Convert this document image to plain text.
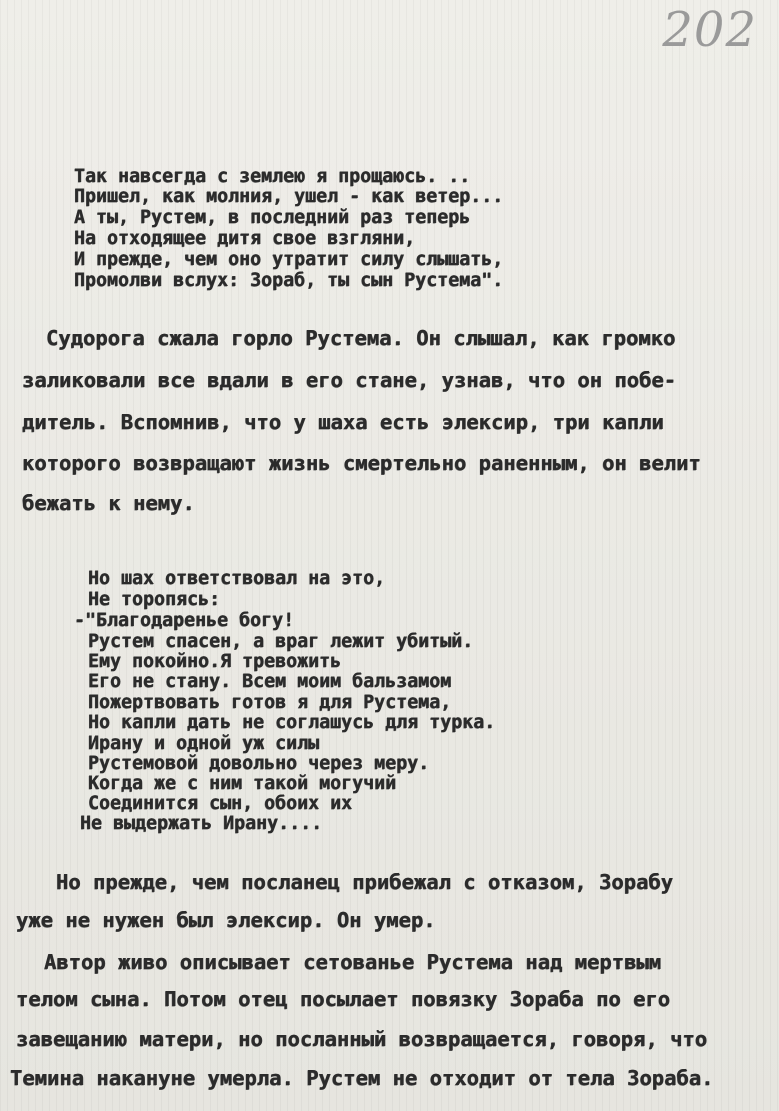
202
Так навсегда с землею я прощаюсь. ..
Пришел, как молния, ушел - как ветер...
А ты, Рустем, в последний раз теперь
На отходящее дитя свое взгляни,
И прежде, чем оно утратит силу слышать,
Промолви вслух: Зораб, ты сын Рустема".
Судорога сжала горло Рустема. Он слышал, как громко
заликовали все вдали в его стане, узнав, что он побе-
дитель. Вспомнив, что у шаха есть элексир, три капли
которого возвращают жизнь смертельно раненным, он велит
бежать к нему.
Но шах ответствовал на это,
Не торопясь:
-"Благодаренье богу!
Рустем спасен, а враг лежит убитый.
Ему покойно.Я тревожить
Его не стану. Всем моим бальзамом
Пожертвовать готов я для Рустема,
Но капли дать не соглашусь для турка.
Ирану и одной уж силы
Рустемовой довольно через меру.
Когда же с ним такой могучий
Соединится сын, обоих их
Не выдержать Ирану....
Но прежде, чем посланец прибежал с отказом, Зорабу
уже не нужен был элексир. Он умер.
Автор живо описывает сетованье Рустема над мертвым
телом сына. Потом отец посылает повязку Зораба по его
завещанию матери, но посланный возвращается, говоря, что
Темина накануне умерла. Рустем не отходит от тела Зораба.
